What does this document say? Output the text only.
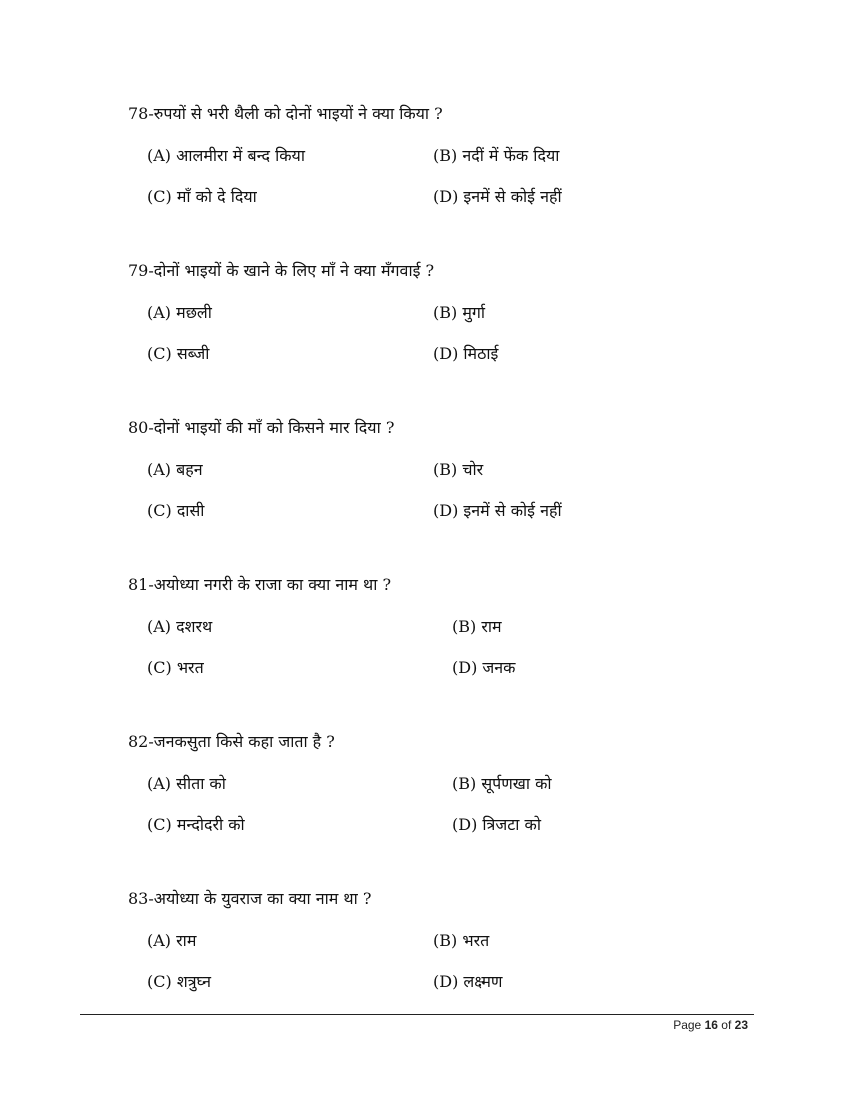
78-रुपयों से भरी थैली को दोनों भाइयों ने क्या किया ?
(A) आलमीरा में बन्द किया	(B) नदीं में फेंक दिया
(C) माँ को दे दिया	(D) इनमें से कोई नहीं
79-दोनों भाइयों के खाने के लिए माँ ने क्या मँगवाई ?
(A) मछली	(B) मुर्गा
(C) सब्जी	(D) मिठाई
80-दोनों भाइयों की माँ को किसने मार दिया ?
(A) बहन	(B) चोर
(C) दासी	(D) इनमें से कोई नहीं
81-अयोध्या नगरी के राजा का क्या नाम था ?
(A) दशरथ	(B) राम
(C) भरत	(D) जनक
82-जनकसुता किसे कहा जाता है ?
(A) सीता को	(B) सूर्पणखा को
(C) मन्दोदरी को	(D) त्रिजटा को
83-अयोध्या के युवराज का क्या नाम था ?
(A) राम	(B) भरत
(C) शत्रुघ्न	(D) लक्ष्मण
Page 16 of 23
